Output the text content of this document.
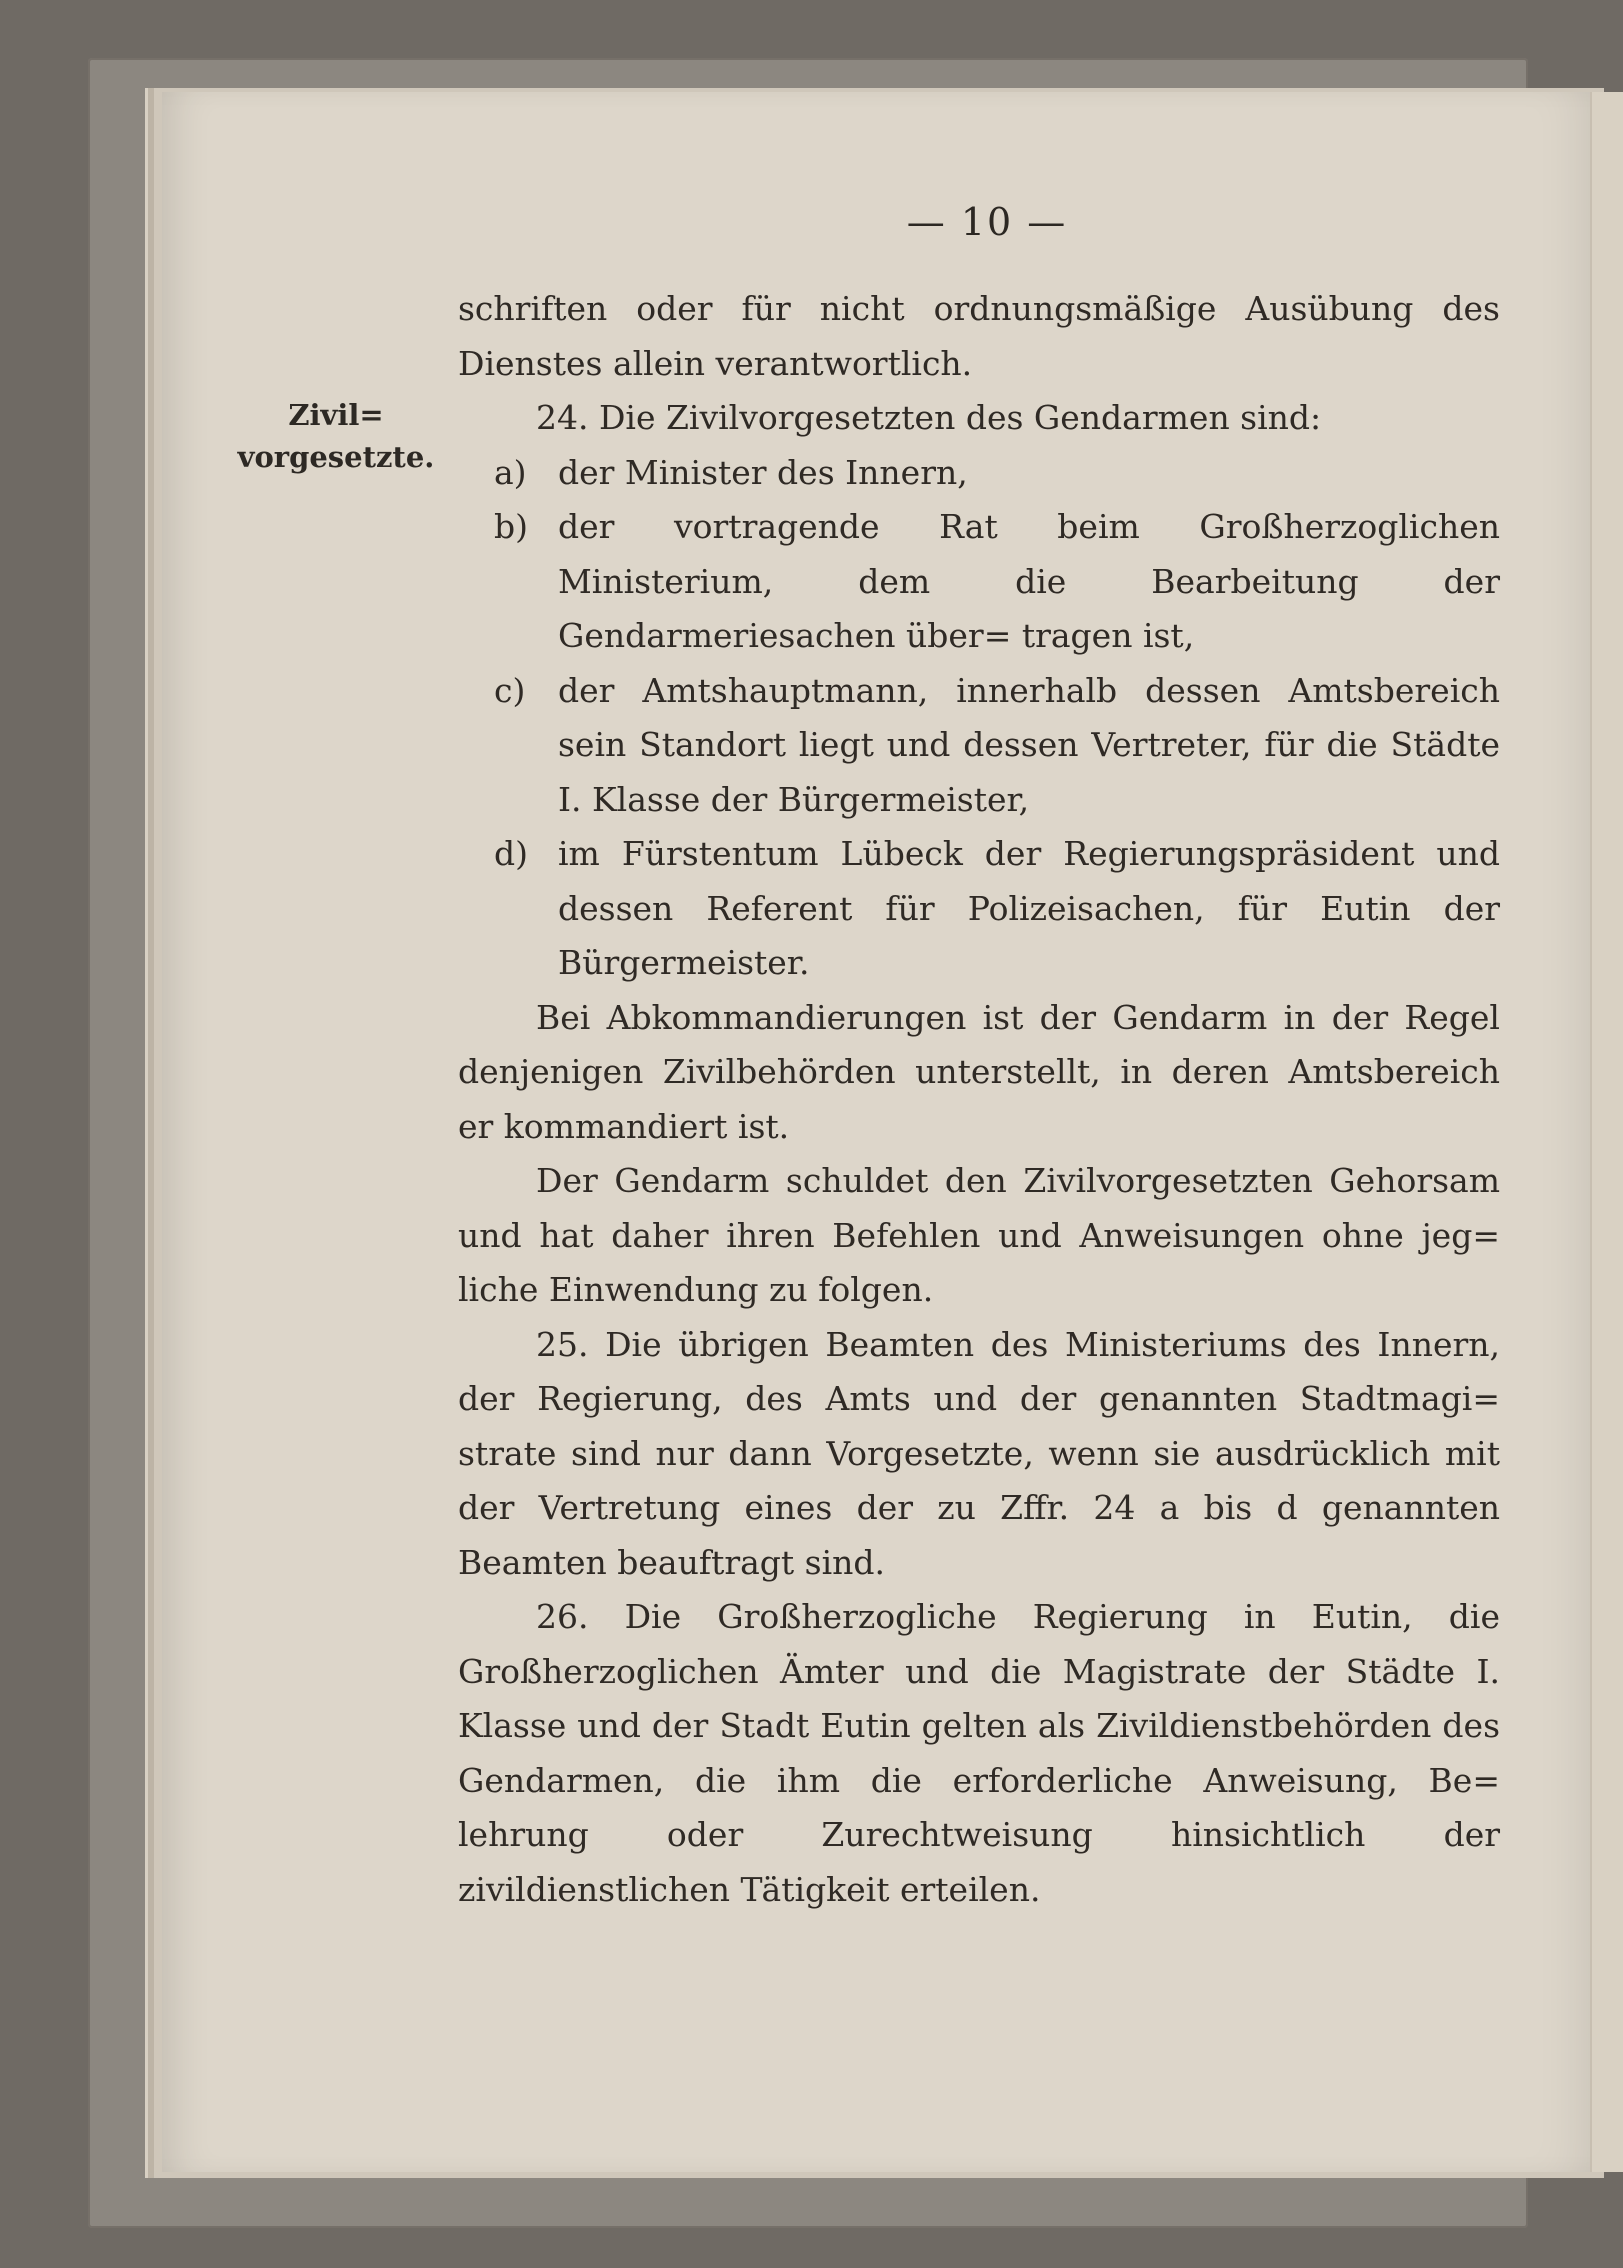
— 10 —
Zivil=
vorgesetzte.

schriften oder für nicht ordnungsmäßige Ausübung des Dienstes allein verantwortlich.

24. Die Zivilvorgesetzten des Gendarmen sind:

a) der Minister des Innern,

b) der vortragende Rat beim Großherzoglichen Ministerium, dem die Bearbeitung der Gendarmeriesachen über= tragen ist,

c) der Amtshauptmann, innerhalb dessen Amtsbereich sein Standort liegt und dessen Vertreter, für die Städte I. Klasse der Bürgermeister,

d) im Fürstentum Lübeck der Regierungspräsident und dessen Referent für Polizeisachen, für Eutin der Bürgermeister.

Bei Abkommandierungen ist der Gendarm in der Regel denjenigen Zivilbehörden unterstellt, in deren Amtsbereich er kommandiert ist.

Der Gendarm schuldet den Zivilvorgesetzten Gehorsam und hat daher ihren Befehlen und Anweisungen ohne jeg= liche Einwendung zu folgen.

25. Die übrigen Beamten des Ministeriums des Innern, der Regierung, des Amts und der genannten Stadtmagi= strate sind nur dann Vorgesetzte, wenn sie ausdrücklich mit der Vertretung eines der zu Zffr. 24 a bis d genannten Beamten beauftragt sind.

26. Die Großherzogliche Regierung in Eutin, die Großherzoglichen Ämter und die Magistrate der Städte I. Klasse und der Stadt Eutin gelten als Zivildienstbehörden des Gendarmen, die ihm die erforderliche Anweisung, Be= lehrung oder Zurechtweisung hinsichtlich der zivildienstlichen Tätigkeit erteilen.
